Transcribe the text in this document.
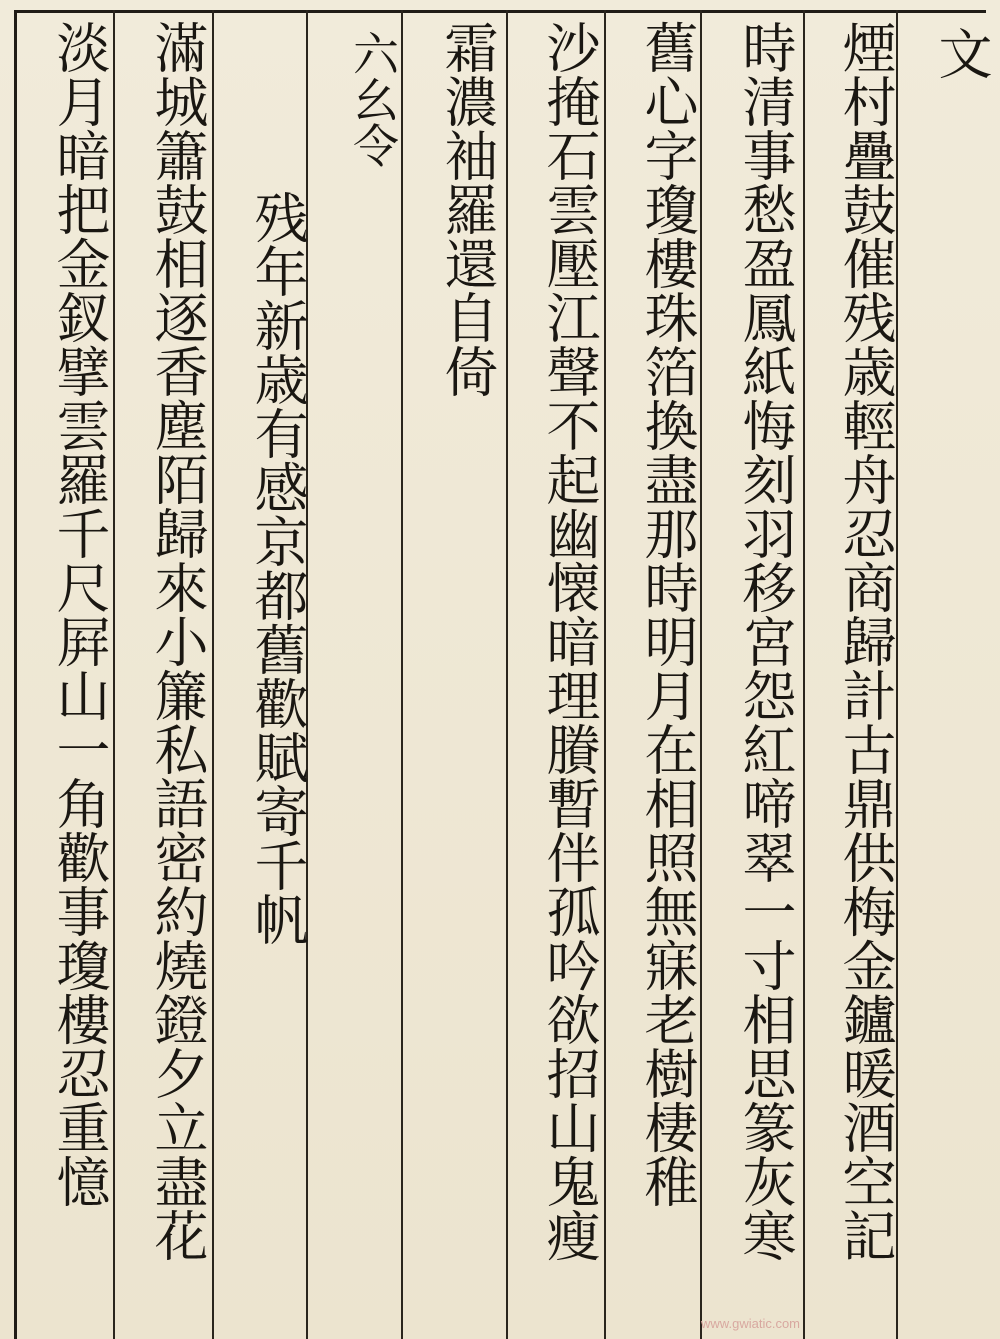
文
煙村疊鼓催残歳輕舟忍商歸計古鼎供梅金鑪暖酒空記
時清事愁盈鳳紙悔刻羽移宮怨紅啼翠一寸相思篆灰寒
舊心字瓊樓珠箔換盡那時明月在相照無寐老樹棲稚
沙掩石雲壓江聲不起幽懐暗理賸暫伴孤吟欲招山鬼瘦
霜濃袖羅還自倚
六幺令
残年新歳有感京都舊歡賦寄千帆
滿城簫鼓相逐香塵陌歸來小簾私語密約燒鐙夕立盡花
淡月暗把金釵擘雲羅千尺屛山一角歡事瓊樓忍重憶
www.gwiatic.com
